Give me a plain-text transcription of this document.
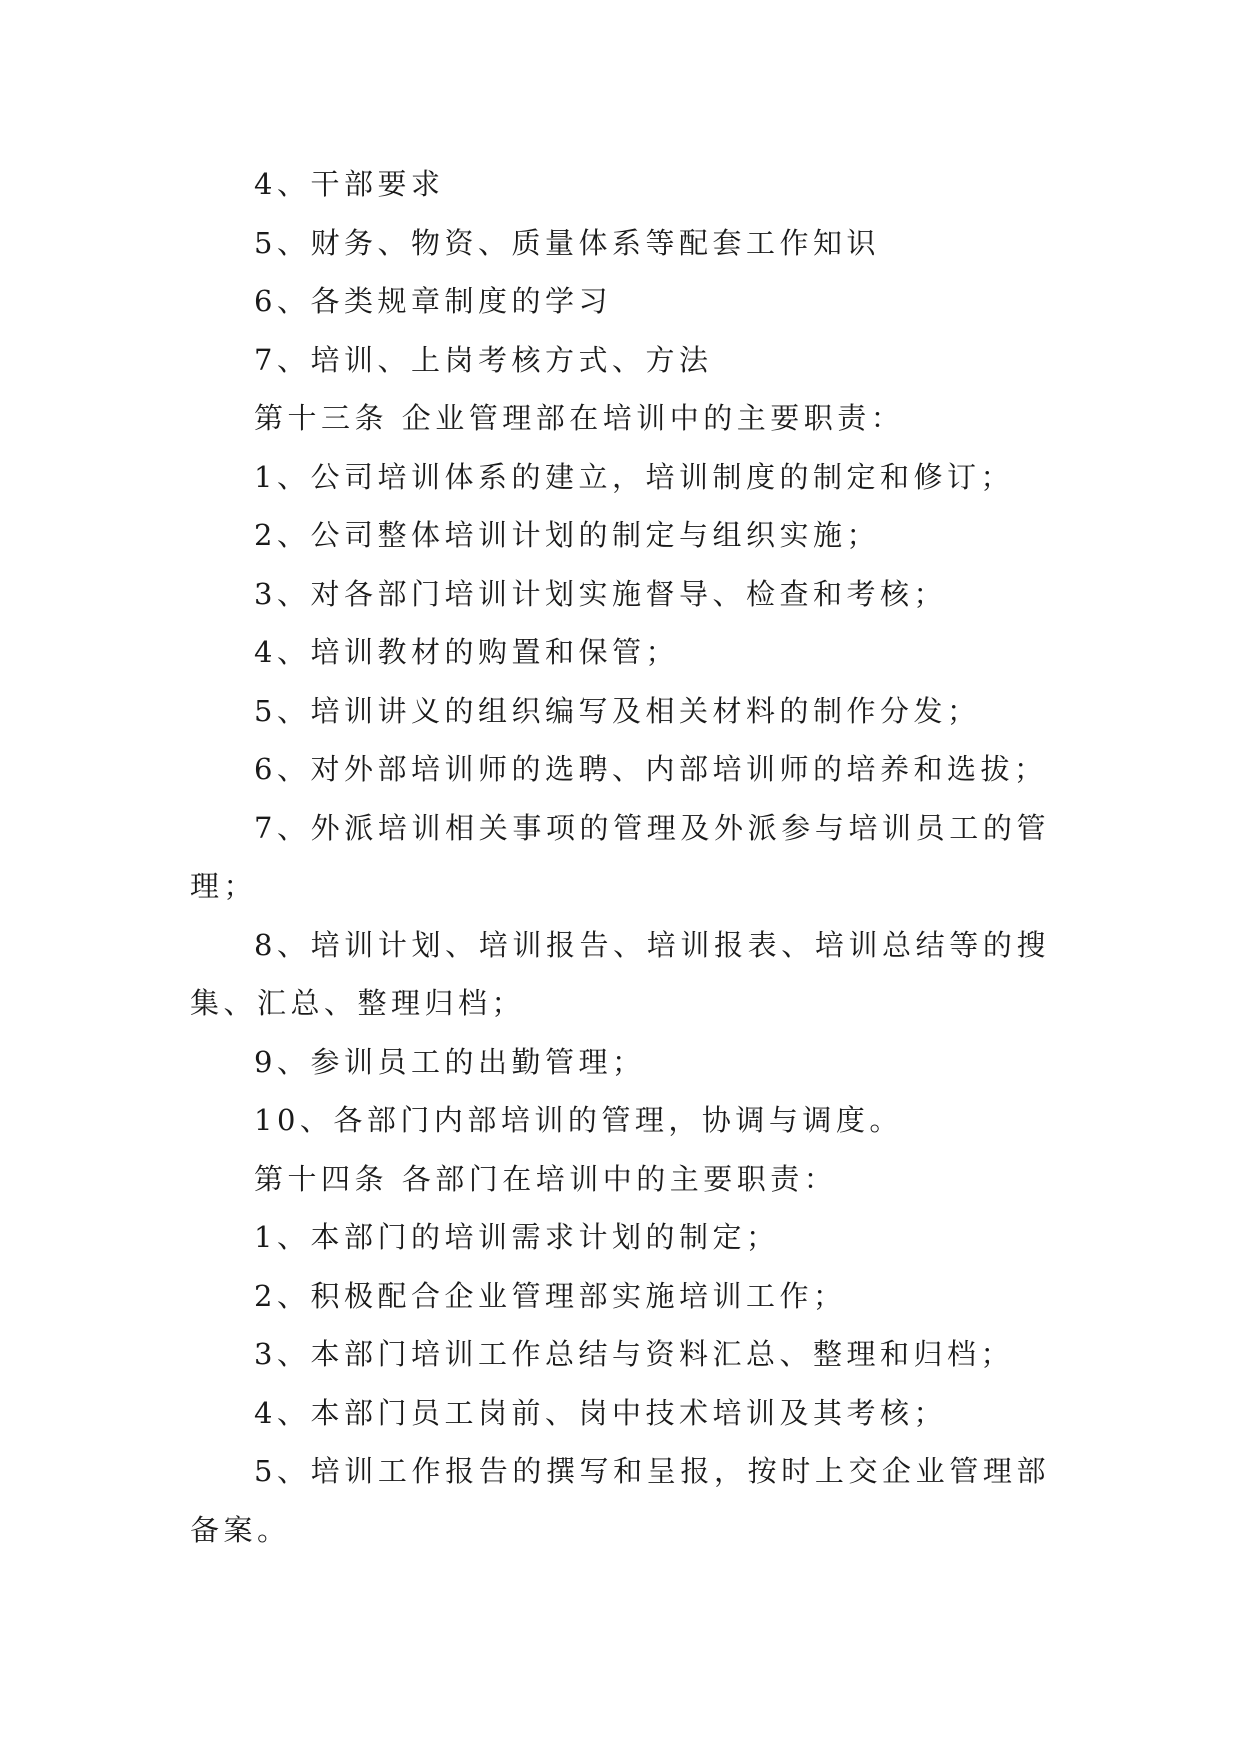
4、干部要求

5、财务、物资、质量体系等配套工作知识

6、各类规章制度的学习

7、培训、上岗考核方式、方法

第十三条 企业管理部在培训中的主要职责：

1、公司培训体系的建立，培训制度的制定和修订；

2、公司整体培训计划的制定与组织实施；

3、对各部门培训计划实施督导、检查和考核；

4、培训教材的购置和保管；

5、培训讲义的组织编写及相关材料的制作分发；

6、对外部培训师的选聘、内部培训师的培养和选拔；

7、外派培训相关事项的管理及外派参与培训员工的管理；

8、培训计划、培训报告、培训报表、培训总结等的搜集、汇总、整理归档；

9、参训员工的出勤管理；

10、各部门内部培训的管理，协调与调度。

第十四条 各部门在培训中的主要职责：

1、本部门的培训需求计划的制定；

2、积极配合企业管理部实施培训工作；

3、本部门培训工作总结与资料汇总、整理和归档；

4、本部门员工岗前、岗中技术培训及其考核；

5、培训工作报告的撰写和呈报，按时上交企业管理部备案。
